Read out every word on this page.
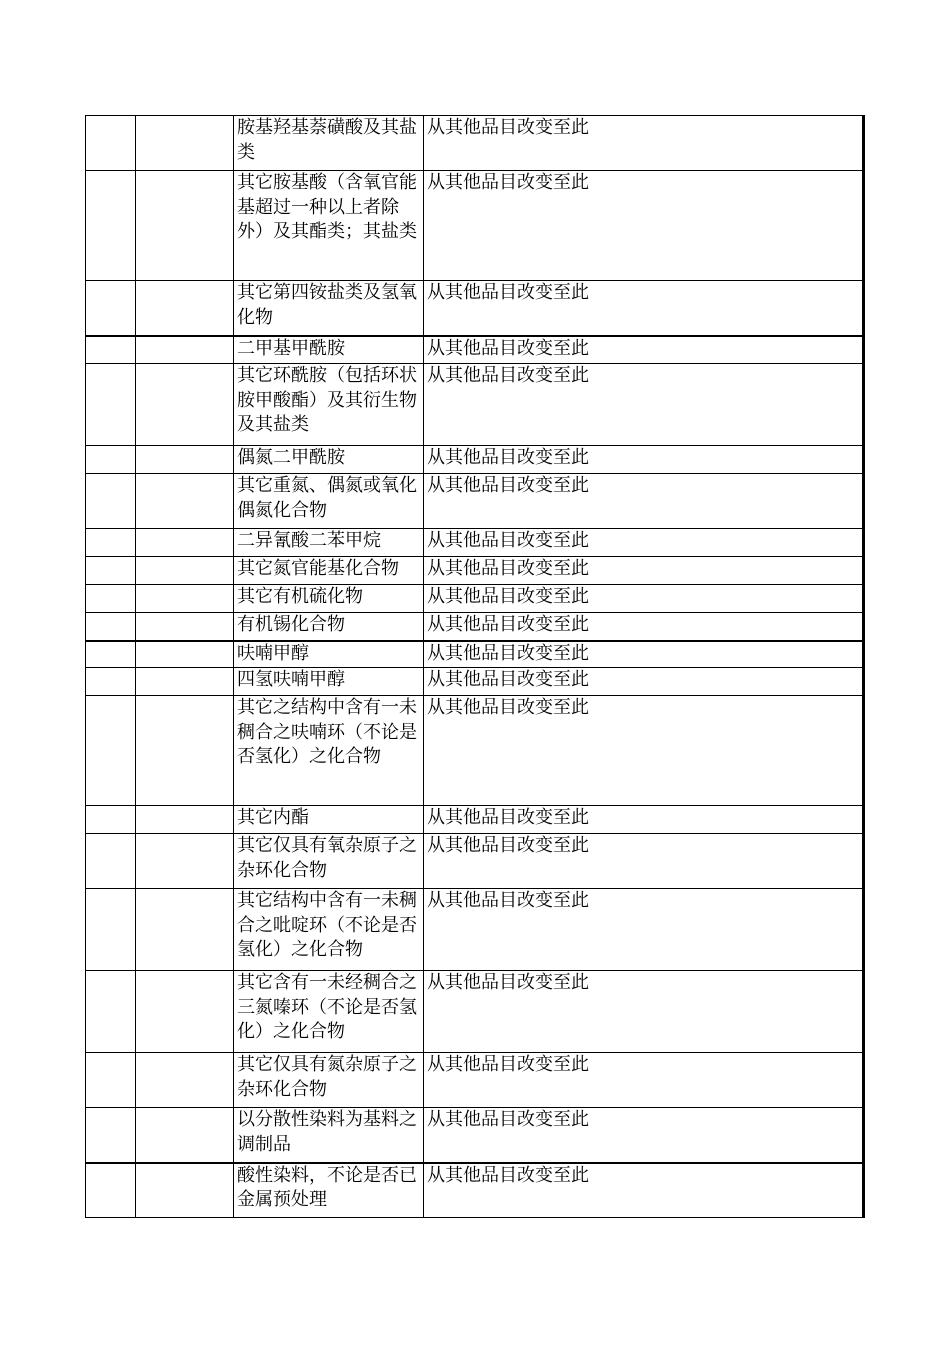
		胺基羟基萘磺酸及其盐类	从其他品目改变至此
		其它胺基酸（含氧官能基超过一种以上者除外）及其酯类；其盐类	从其他品目改变至此
		其它第四铵盐类及氢氧化物	从其他品目改变至此
		二甲基甲酰胺	从其他品目改变至此
		其它环酰胺（包括环状胺甲酸酯）及其衍生物及其盐类	从其他品目改变至此
		偶氮二甲酰胺	从其他品目改变至此
		其它重氮、偶氮或氧化偶氮化合物	从其他品目改变至此
		二异氰酸二苯甲烷	从其他品目改变至此
		其它氮官能基化合物	从其他品目改变至此
		其它有机硫化物	从其他品目改变至此
		有机锡化合物	从其他品目改变至此
		呋喃甲醇	从其他品目改变至此
		四氢呋喃甲醇	从其他品目改变至此
		其它之结构中含有一未稠合之呋喃环（不论是否氢化）之化合物	从其他品目改变至此
		其它内酯	从其他品目改变至此
		其它仅具有氧杂原子之杂环化合物	从其他品目改变至此
		其它结构中含有一未稠合之吡啶环（不论是否氢化）之化合物	从其他品目改变至此
		其它含有一未经稠合之三氮嗪环（不论是否氢化）之化合物	从其他品目改变至此
		其它仅具有氮杂原子之杂环化合物	从其他品目改变至此
		以分散性染料为基料之调制品	从其他品目改变至此
		酸性染料，不论是否已金属预处理	从其他品目改变至此
